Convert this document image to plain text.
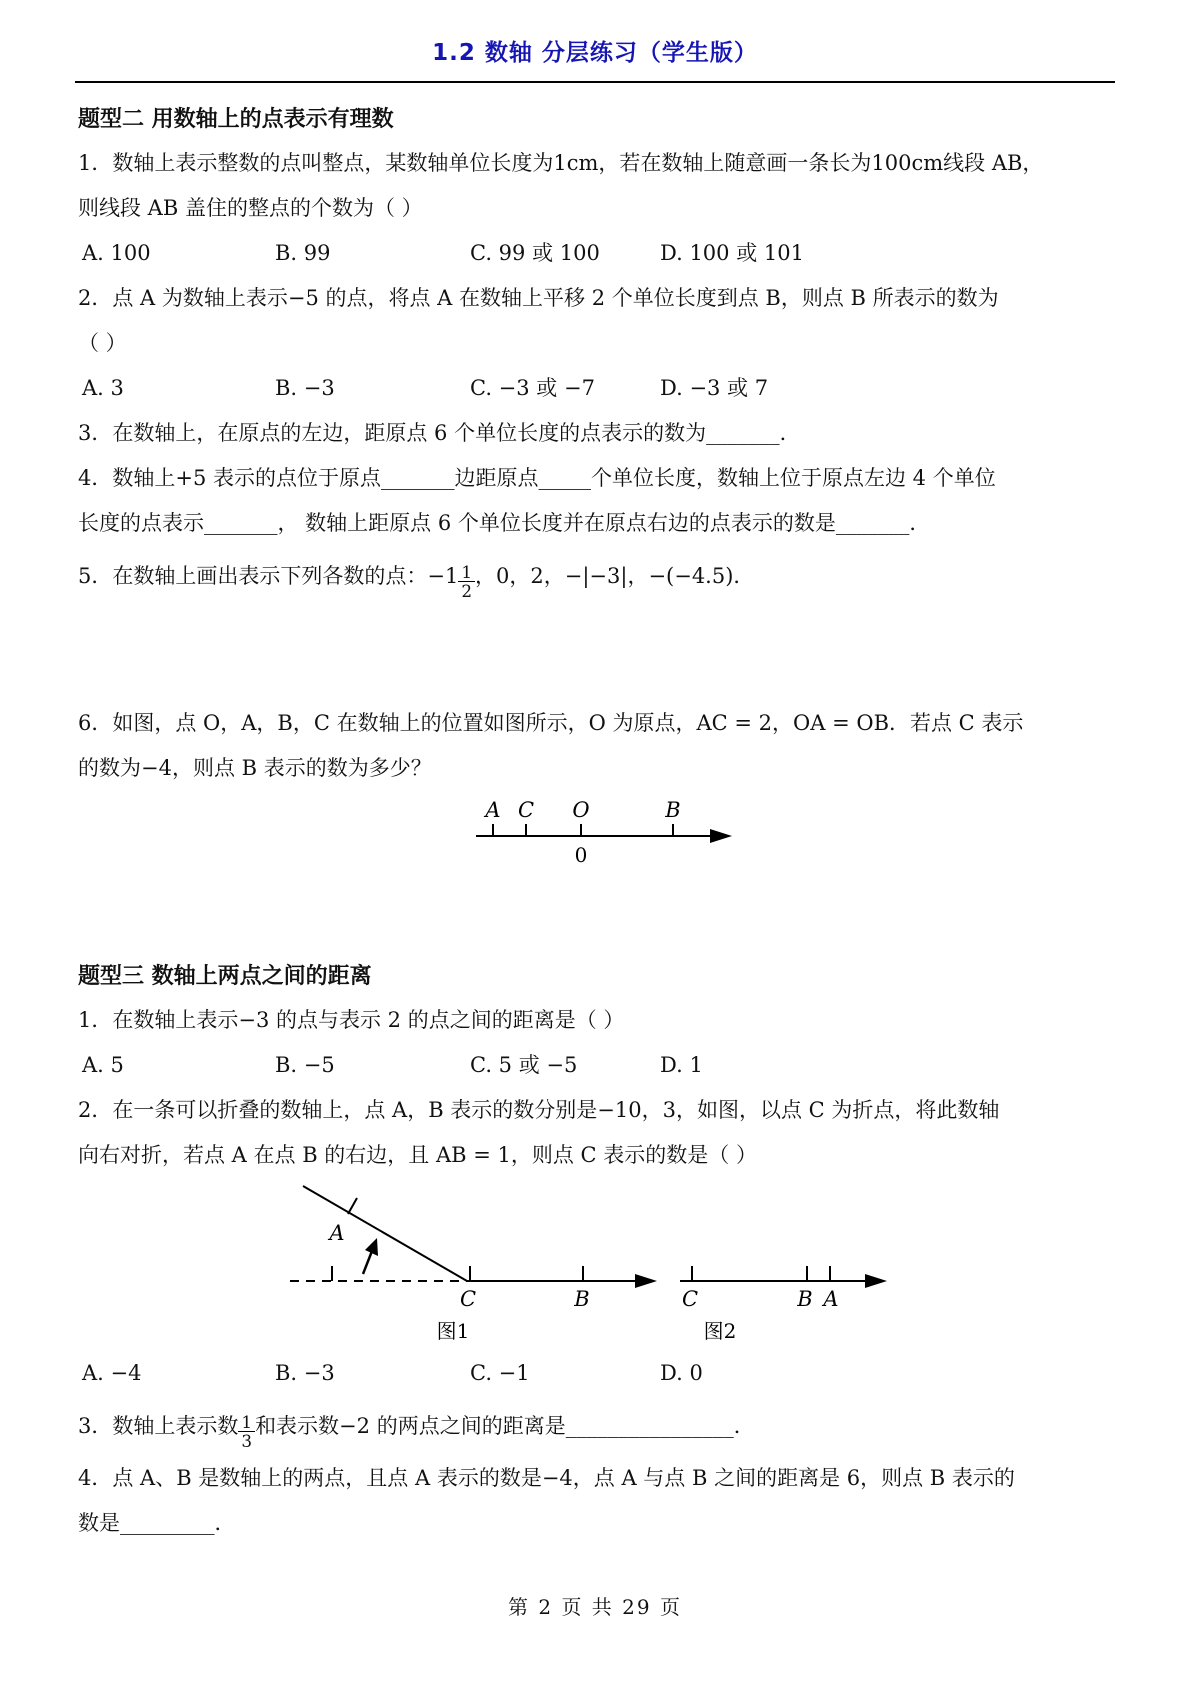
1.2 数轴 分层练习（学生版）
题型二 用数轴上的点表示有理数
1．数轴上表示整数的点叫整点，某数轴单位长度为1cm，若在数轴上随意画一条长为100cm线段 AB，
则线段 AB 盖住的整点的个数为（ ）
A. 100	B. 99	C. 99 或 100	D. 100 或 101
2．点 A 为数轴上表示−5 的点，将点 A 在数轴上平移 2 个单位长度到点 B，则点 B 所表示的数为
（ ）
A. 3	B. −3	C. −3 或 −7	D. −3 或 7
3．在数轴上，在原点的左边，距原点 6 个单位长度的点表示的数为_______．
4．数轴上+5 表示的点位于原点_______边距原点_____个单位长度，数轴上位于原点左边 4 个单位
长度的点表示_______， 数轴上距原点 6 个单位长度并在原点右边的点表示的数是_______．
5．在数轴上画出表示下列各数的点：$-1 \frac{1}{2}$ ，0，2，−|−3|，−(−4.5)．
6．如图，点 O，A，B，C 在数轴上的位置如图所示，O 为原点，AC = 2，OA = OB．若点 C 表示
的数为−4，则点 B 表示的数为多少？
A C O	B
0
题型三 数轴上两点之间的距离
1．在数轴上表示−3 的点与表示 2 的点之间的距离是（ ）
A. 5	B. −5	C. 5 或 −5	D. 1
2．在一条可以折叠的数轴上，点 A，B 表示的数分别是−10，3，如图，以点 C 为折点，将此数轴
向右对折，若点 A 在点 B 的右边，且 AB = 1，则点 C 表示的数是（ ）
A
C	B
图1
C	B A
图2
A. −4	B. −3	C. −1	D. 0
3．数轴上表示数 $\frac{1}{3}$ 和表示数−2 的两点之间的距离是________________．
4．点 A、B 是数轴上的两点，且点 A 表示的数是−4，点 A 与点 B 之间的距离是 6，则点 B 表示的
数是_________．
第 2 页 共 29 页
